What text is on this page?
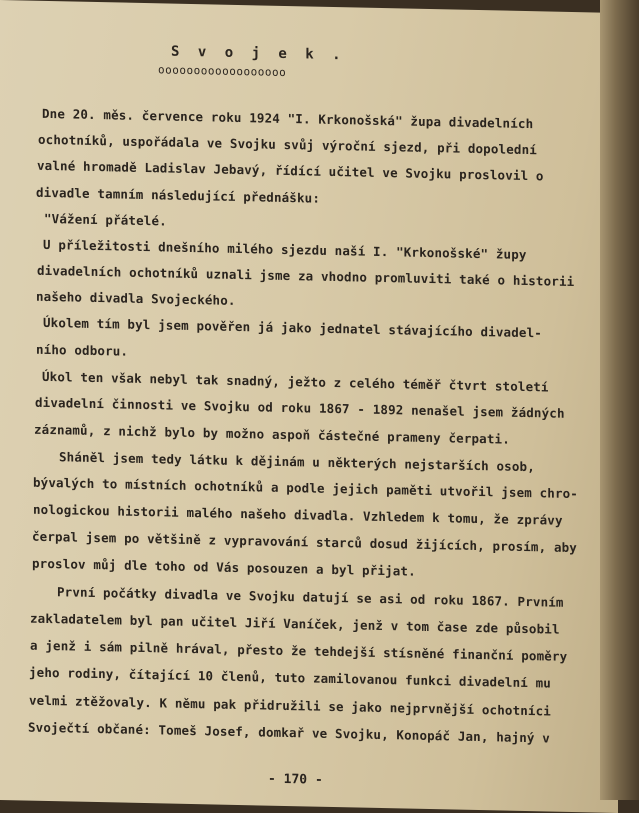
S v o j e k .
oooooooooooooooooo
Dne 20. měs. července roku 1924 "I. Krkonošská" župa divadelních
ochotníků, uspořádala ve Svojku svůj výroční sjezd, při dopolední
valné hromadě Ladislav Jebavý, řídící učitel ve Svojku proslovil o
divadle tamním následující přednášku:
"Vážení přátelé.
U příležitosti dnešního milého sjezdu naší I. "Krkonošské" župy
divadelních ochotníků uznali jsme za vhodno promluviti také o historii
našeho divadla Svojeckého.
Úkolem tím byl jsem pověřen já jako jednatel stávajícího divadel-
ního odboru.
Úkol ten však nebyl tak snadný, ježto z celého téměř čtvrt století
divadelní činnosti ve Svojku od roku 1867 - 1892 nenašel jsem žádných
záznamů, z nichž bylo by možno aspoň částečné prameny čerpati.
Sháněl jsem tedy látku k dějinám u některých nejstarších osob,
bývalých to místních ochotníků a podle jejich paměti utvořil jsem chro-
nologickou historii malého našeho divadla. Vzhledem k tomu, že zprávy
čerpal jsem po většině z vypravování starců dosud žijících, prosím, aby
proslov můj dle toho od Vás posouzen a byl přijat.
První počátky divadla ve Svojku datují se asi od roku 1867. Prvním
zakladatelem byl pan učitel Jiří Vaníček, jenž v tom čase zde působil
a jenž i sám pilně hrával, přesto že tehdejší stísněné finanční poměry
jeho rodiny, čítající 10 členů, tuto zamilovanou funkci divadelní mu
velmi ztěžovaly. K němu pak přidružili se jako nejprvnější ochotníci
Svoječtí občané: Tomeš Josef, domkař ve Svojku, Konopáč Jan, hajný v
- 170 -
